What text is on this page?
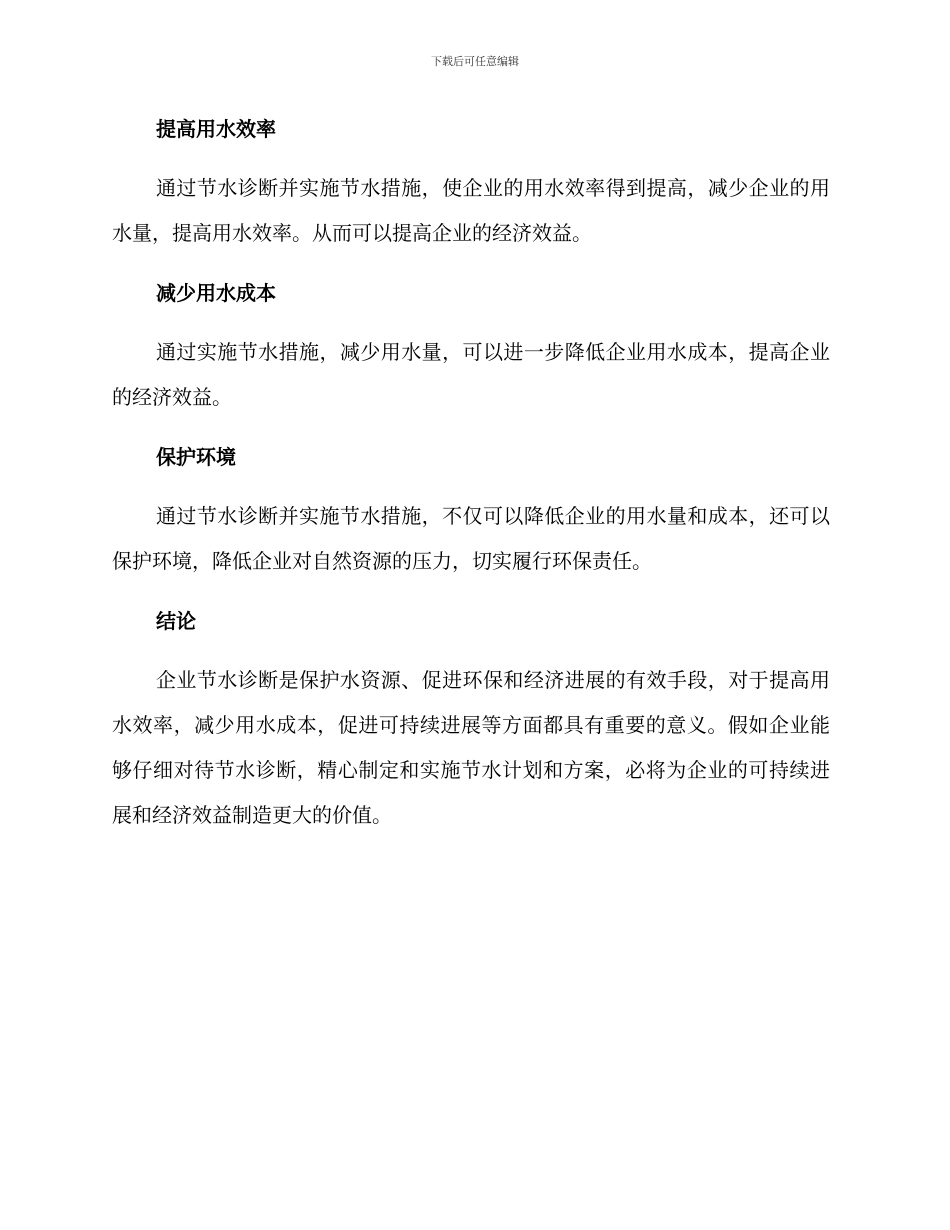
下载后可任意编辑
提高用水效率

通过节水诊断并实施节水措施，使企业的用水效率得到提高，减少企业的用水量，提高用水效率。从而可以提高企业的经济效益。

减少用水成本

通过实施节水措施，减少用水量，可以进一步降低企业用水成本，提高企业的经济效益。

保护环境

通过节水诊断并实施节水措施，不仅可以降低企业的用水量和成本，还可以保护环境，降低企业对自然资源的压力，切实履行环保责任。

结论

企业节水诊断是保护水资源、促进环保和经济进展的有效手段，对于提高用水效率，减少用水成本，促进可持续进展等方面都具有重要的意义。假如企业能够仔细对待节水诊断，精心制定和实施节水计划和方案，必将为企业的可持续进展和经济效益制造更大的价值。
